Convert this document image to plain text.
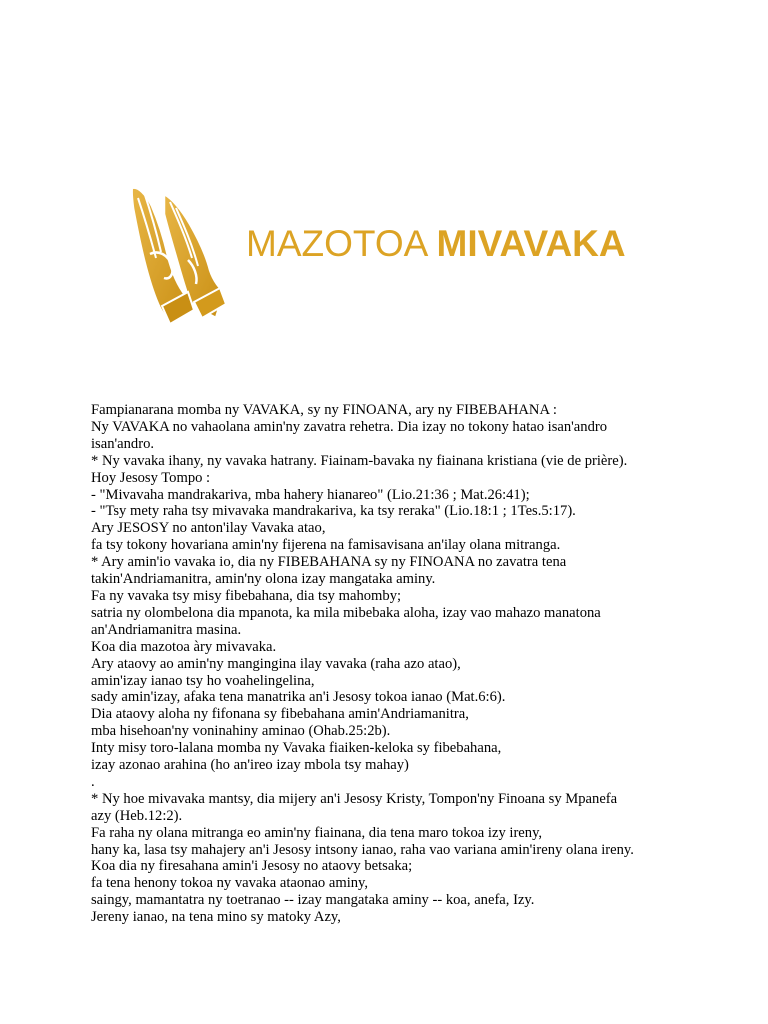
MAZOTOA MIVAVAKA
Fampianarana momba ny VAVAKA, sy ny FINOANA, ary ny FIBEBAHANA :
Ny VAVAKA no vahaolana amin'ny zavatra rehetra. Dia izay no tokony hatao isan'andro
isan'andro.
* Ny vavaka ihany, ny vavaka hatrany. Fiainam-bavaka ny fiainana kristiana (vie de prière).
Hoy Jesosy Tompo :
- "Mivavaha mandrakariva, mba hahery hianareo" (Lio.21:36 ; Mat.26:41);
- "Tsy mety raha tsy mivavaka mandrakariva, ka tsy reraka" (Lio.18:1 ; 1Tes.5:17).
Ary JESOSY no anton'ilay Vavaka atao,
fa tsy tokony hovariana amin'ny fijerena na famisavisana an'ilay olana mitranga.
* Ary amin'io vavaka io, dia ny FIBEBAHANA sy ny FINOANA no zavatra tena
takin'Andriamanitra, amin'ny olona izay mangataka aminy.
Fa ny vavaka tsy misy fibebahana, dia tsy mahomby;
satria ny olombelona dia mpanota, ka mila mibebaka aloha, izay vao mahazo manatona
an'Andriamanitra masina.
Koa dia mazotoa àry mivavaka.
Ary ataovy ao amin'ny mangingina ilay vavaka (raha azo atao),
amin'izay ianao tsy ho voahelingelina,
sady amin'izay, afaka tena manatrika an'i Jesosy tokoa ianao (Mat.6:6).
Dia ataovy aloha ny fifonana sy fibebahana amin'Andriamanitra,
mba hisehoan'ny voninahiny aminao (Ohab.25:2b).
Inty misy toro-lalana momba ny Vavaka fiaiken-keloka sy fibebahana,
izay azonao arahina (ho an'ireo izay mbola tsy mahay)
.
* Ny hoe mivavaka mantsy, dia mijery an'i Jesosy Kristy, Tompon'ny Finoana sy Mpanefa
azy (Heb.12:2).
Fa raha ny olana mitranga eo amin'ny fiainana, dia tena maro tokoa izy ireny,
hany ka, lasa tsy mahajery an'i Jesosy intsony ianao, raha vao variana amin'ireny olana ireny.
Koa dia ny firesahana amin'i Jesosy no ataovy betsaka;
fa tena henony tokoa ny vavaka ataonao aminy,
saingy, mamantatra ny toetranao -- izay mangataka aminy -- koa, anefa, Izy.
Jereny ianao, na tena mino sy matoky Azy,
